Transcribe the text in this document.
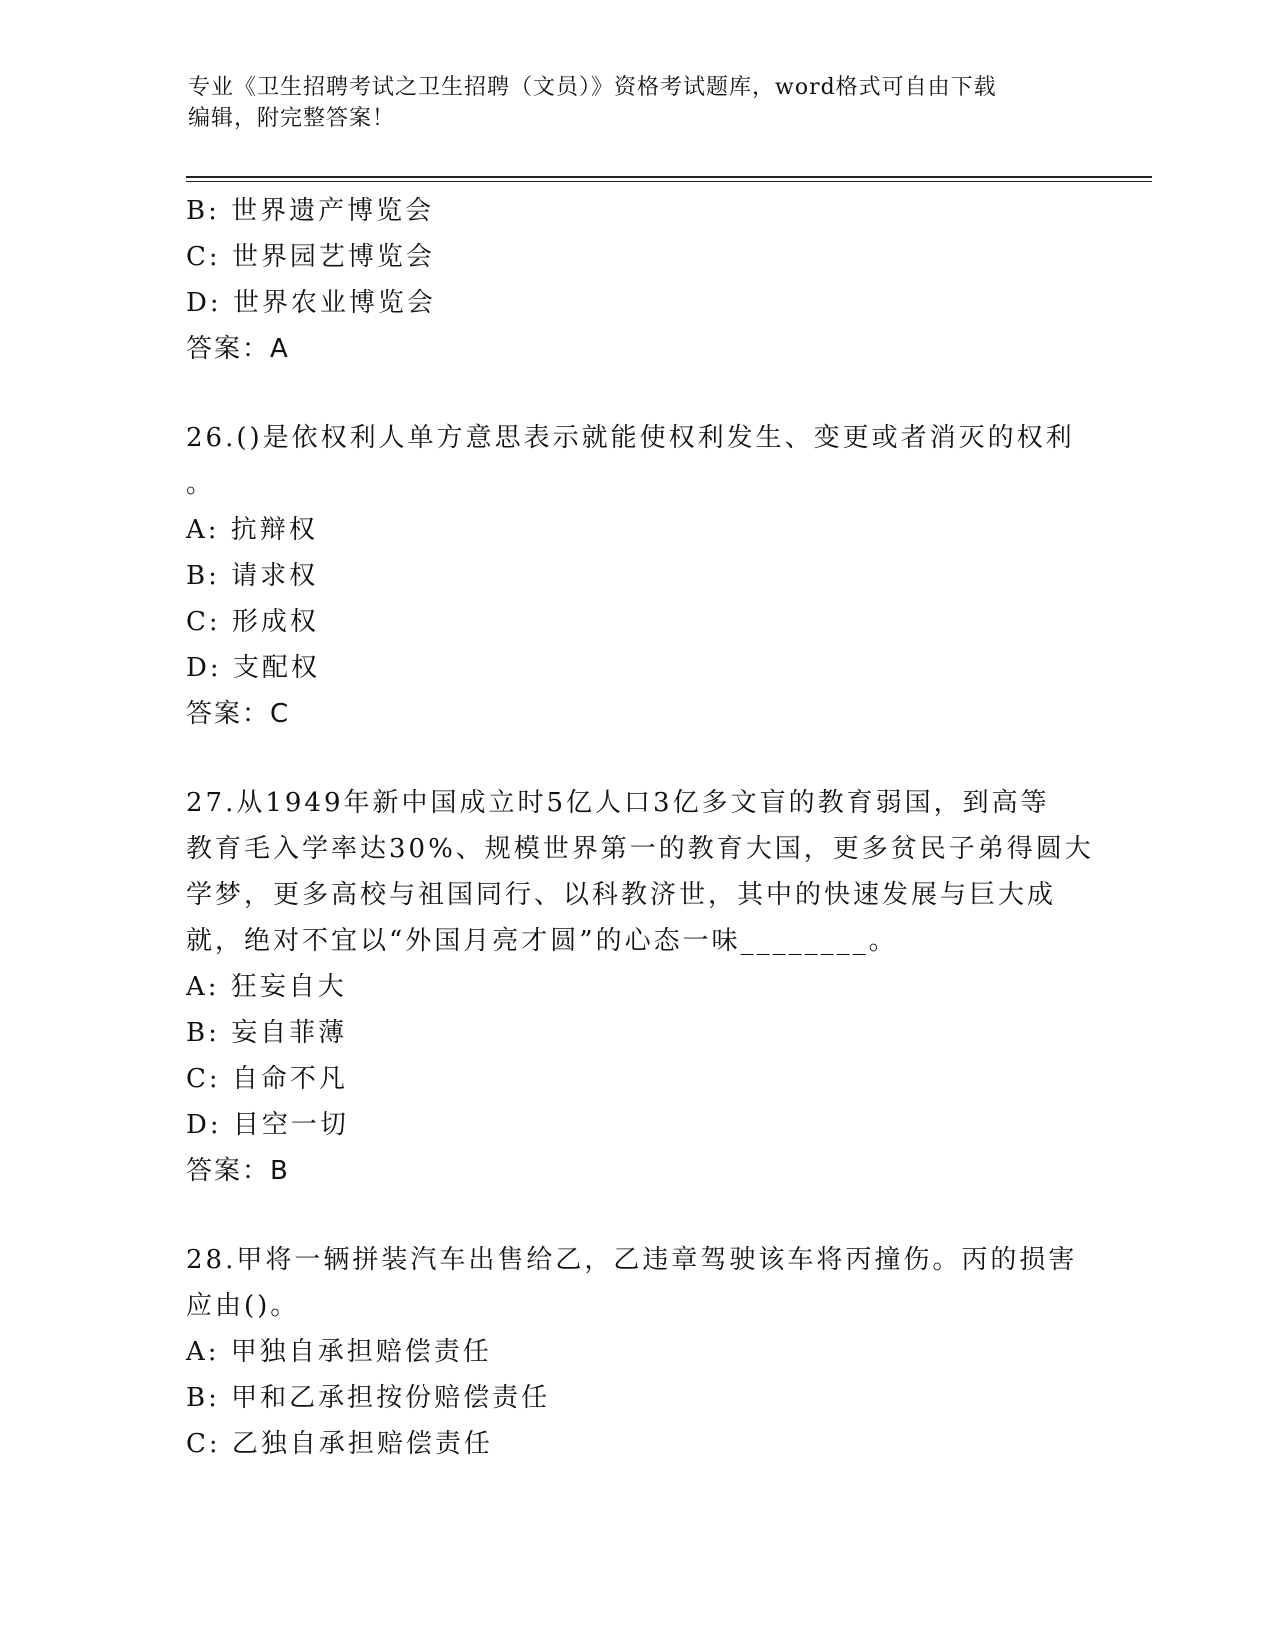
专业《卫生招聘考试之卫生招聘（文员）》资格考试题库，word格式可自由下载
编辑，附完整答案！
B: 世界遗产博览会
C: 世界园艺博览会
D: 世界农业博览会
答案：A
26.()是依权利人单方意思表示就能使权利发生、变更或者消灭的权利
。
A: 抗辩权
B: 请求权
C: 形成权
D: 支配权
答案：C
27.从1949年新中国成立时5亿人口3亿多文盲的教育弱国，到高等
教育毛入学率达30%、规模世界第一的教育大国，更多贫民子弟得圆大
学梦，更多高校与祖国同行、以科教济世，其中的快速发展与巨大成
就，绝对不宜以“外国月亮才圆”的心态一味________。
A: 狂妄自大
B: 妄自菲薄
C: 自命不凡
D: 目空一切
答案：B
28.甲将一辆拼装汽车出售给乙，乙违章驾驶该车将丙撞伤。丙的损害
应由()。
A: 甲独自承担赔偿责任
B: 甲和乙承担按份赔偿责任
C: 乙独自承担赔偿责任
